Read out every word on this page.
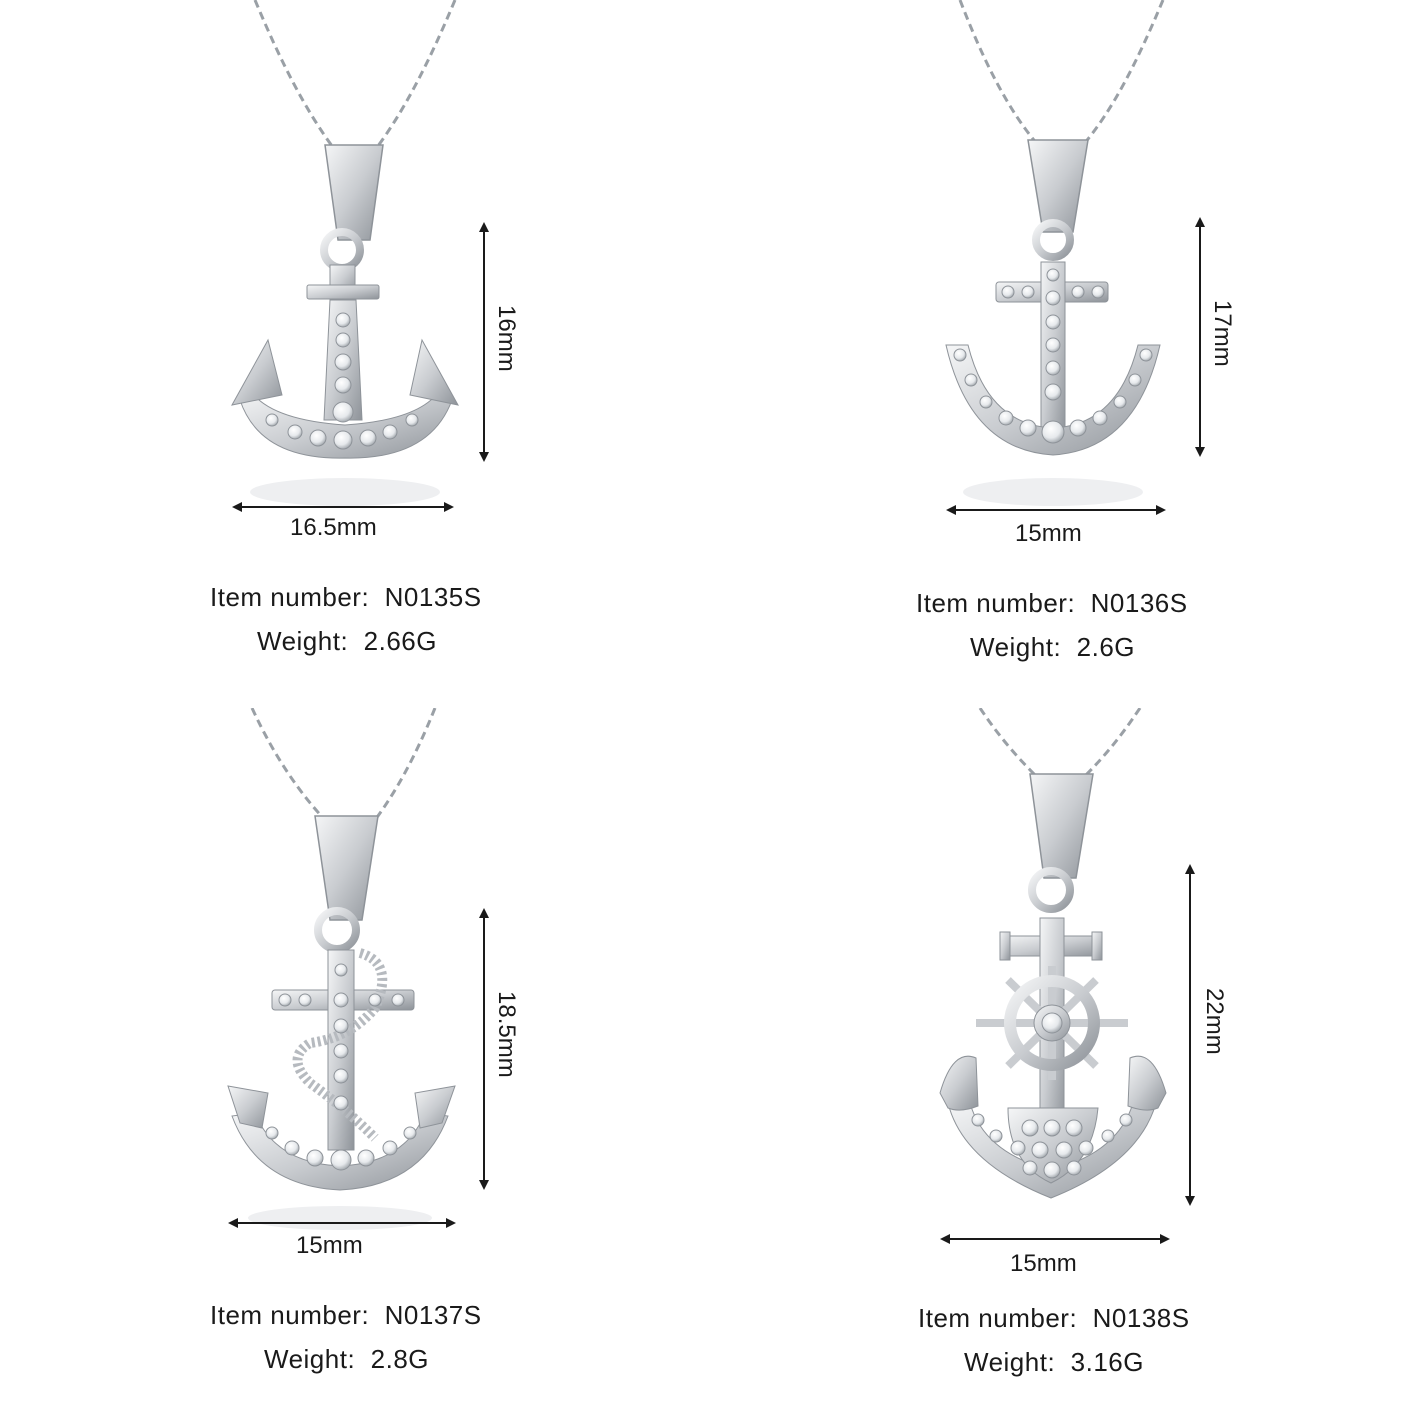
16mm
16.5mm
Item number: N0135S
Weight: 2.66G
17mm
15mm
Item number: N0136S
Weight: 2.6G
18.5mm
15mm
Item number: N0137S
Weight: 2.8G
22mm
15mm
Item number: N0138S
Weight: 3.16G
